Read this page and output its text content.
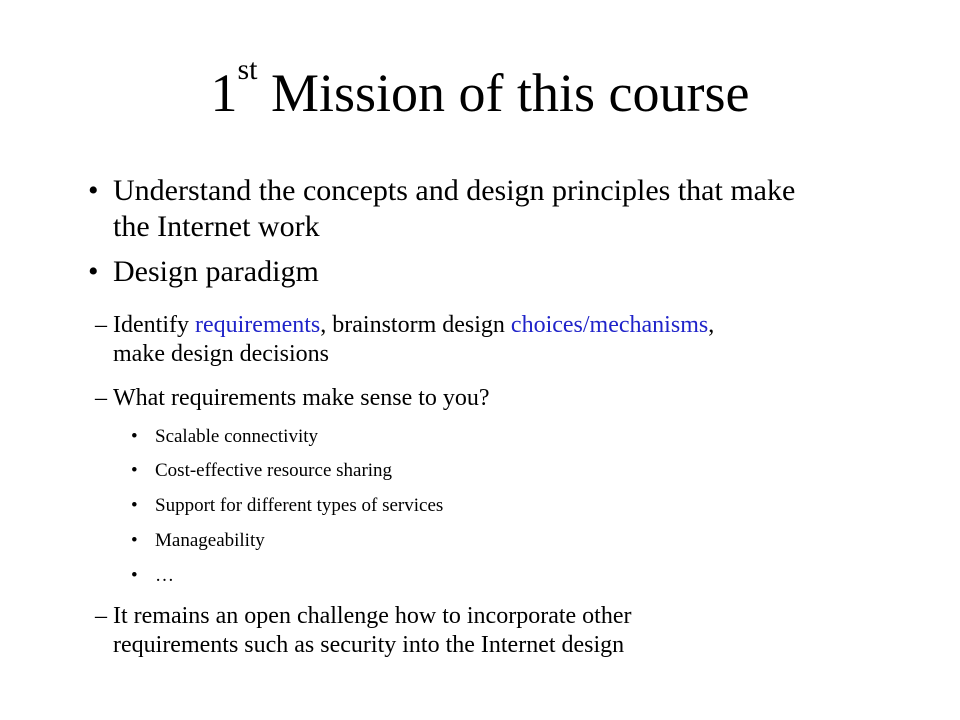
1st Mission of this course
• Understand the concepts and design principles that make
the Internet work
• Design paradigm
– Identify requirements, brainstorm design choices/mechanisms,
make design decisions
– What requirements make sense to you?
• Scalable connectivity
• Cost-effective resource sharing
• Support for different types of services
• Manageability
• …
– It remains an open challenge how to incorporate other
requirements such as security into the Internet design
